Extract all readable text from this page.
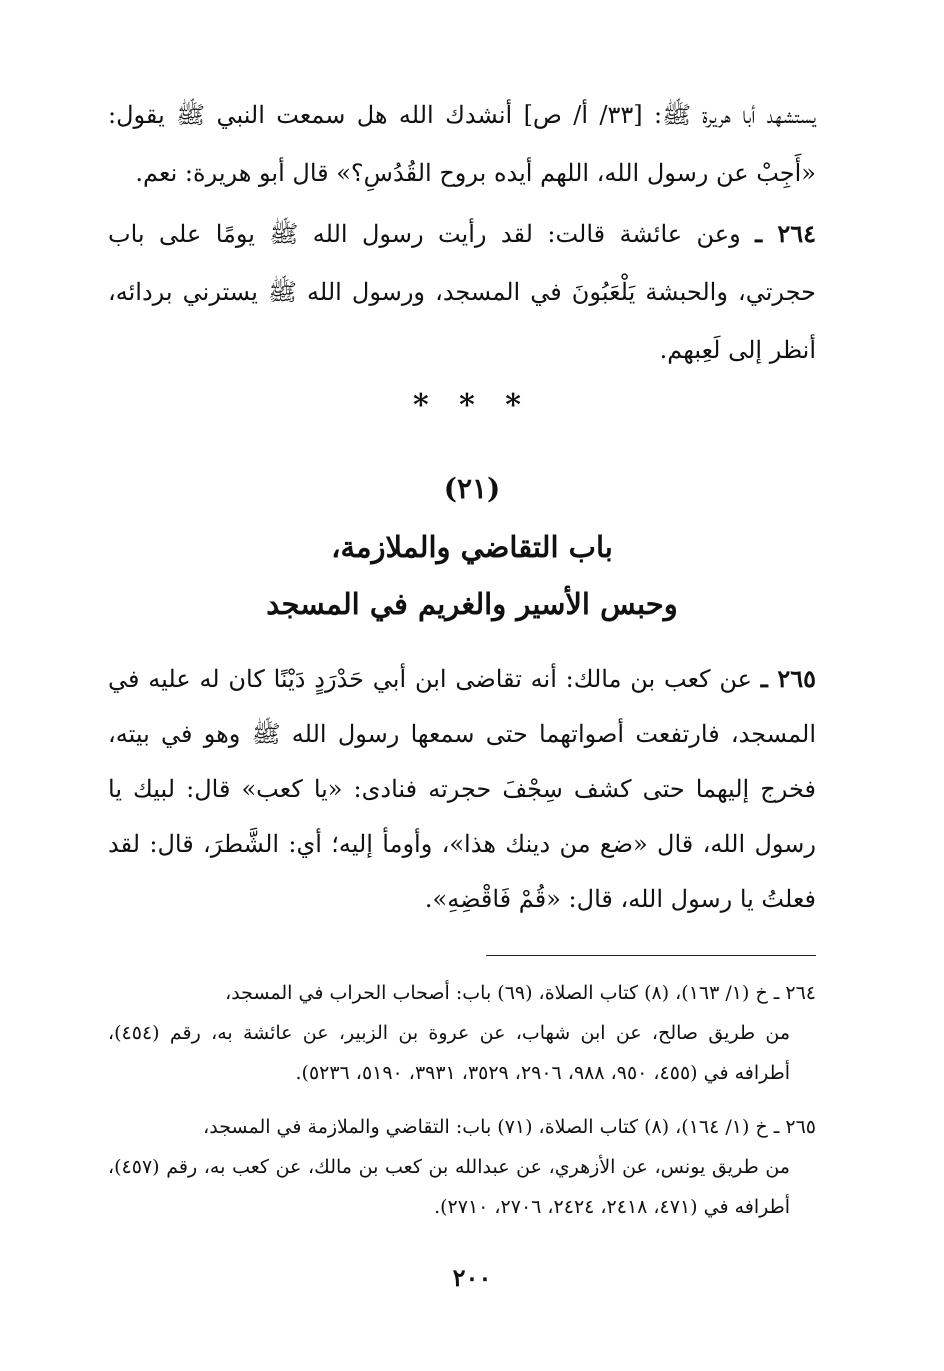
يستشهد أبا هريرة ﷺ: [٣٣/ أ/ ص] أنشدك الله هل سمعت النبي ﷺ يقول: «أَجِبْ عن رسول الله، اللهم أيده بروح القُدُسِ؟» قال أبو هريرة: نعم.

٢٦٤ ـ وعن عائشة قالت: لقد رأيت رسول الله ﷺ يومًا على باب حجرتي، والحبشة يَلْعَبُونَ في المسجد، ورسول الله ﷺ يسترني بردائه، أنظر إلى لَعِبهم.

* * *
(٢١)
باب التقاضي والملازمة،
وحبس الأسير والغريم في المسجد

٢٦٥ ـ عن كعب بن مالك: أنه تقاضى ابن أبي حَدْرَدٍ دَيْنًا كان له عليه في المسجد، فارتفعت أصواتهما حتى سمعها رسول الله ﷺ وهو في بيته، فخرج إليهما حتى كشف سِجْفَ حجرته فنادى: «يا كعب» قال: لبيك يا رسول الله، قال «ضع من دينك هذا»، وأومأ إليه؛ أي: الشَّطرَ، قال: لقد فعلتُ يا رسول الله، قال: «قُمْ فَاقْضِهِ».

٢٦٤ ـ خ (١/ ١٦٣)، (٨) كتاب الصلاة، (٦٩) باب: أصحاب الحراب في المسجد،
من طريق صالح، عن ابن شهاب، عن عروة بن الزبير، عن عائشة به، رقم (٤٥٤)، أطرافه في (٤٥٥، ٩٥٠، ٩٨٨، ٢٩٠٦، ٣٥٢٩، ٣٩٣١، ٥١٩٠، ٥٢٣٦).

٢٦٥ ـ خ (١/ ١٦٤)، (٨) كتاب الصلاة، (٧١) باب: التقاضي والملازمة في المسجد،
من طريق يونس، عن الأزهري، عن عبدالله بن كعب بن مالك، عن كعب به، رقم (٤٥٧)، أطرافه في (٤٧١، ٢٤١٨، ٢٤٢٤، ٢٧٠٦، ٢٧١٠).

٢٠٠
